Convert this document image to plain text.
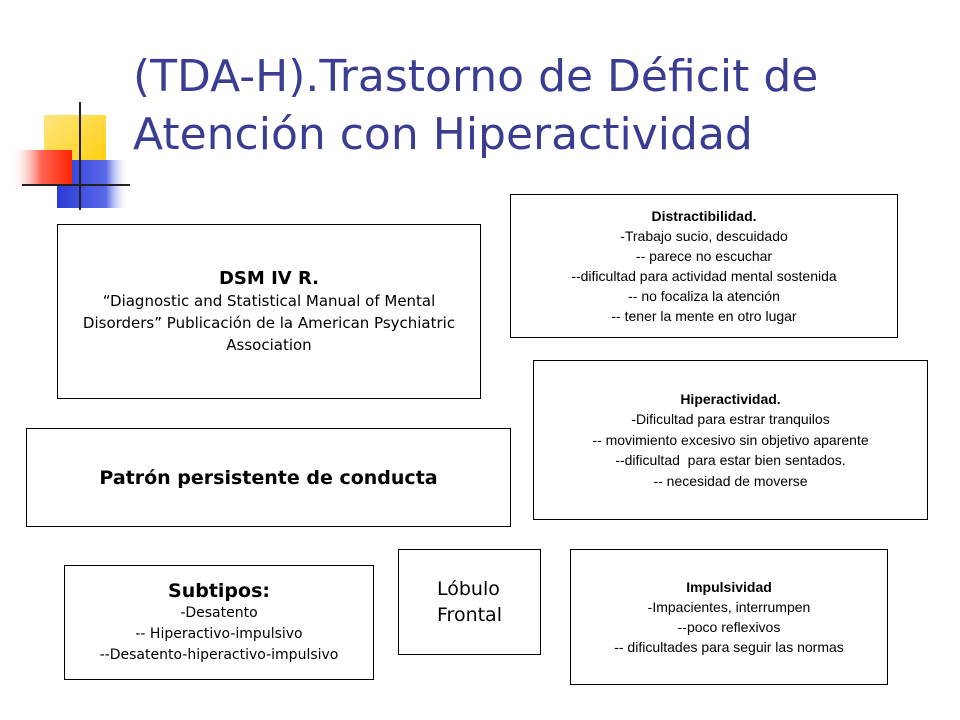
(TDA-H).Trastorno de Déficit de
Atención con Hiperactividad
DSM IV R.
“Diagnostic and Statistical Manual of Mental Disorders” Publicación de la American Psychiatric Association
Patrón persistente de conducta
Subtipos:
-Desatento
-- Hiperactivo-impulsivo
--Desatento-hiperactivo-impulsivo
Lóbulo
Frontal
Distractibilidad.
-Trabajo sucio, descuidado
-- parece no escuchar
--dificultad para actividad mental sostenida
-- no focaliza la atención
-- tener la mente en otro lugar
Hiperactividad.
-Dificultad para estrar tranquilos
-- movimiento excesivo sin objetivo aparente
--dificultad  para estar bien sentados.
-- necesidad de moverse
Impulsividad
-Impacientes, interrumpen
--poco reflexivos
-- dificultades para seguir las normas
